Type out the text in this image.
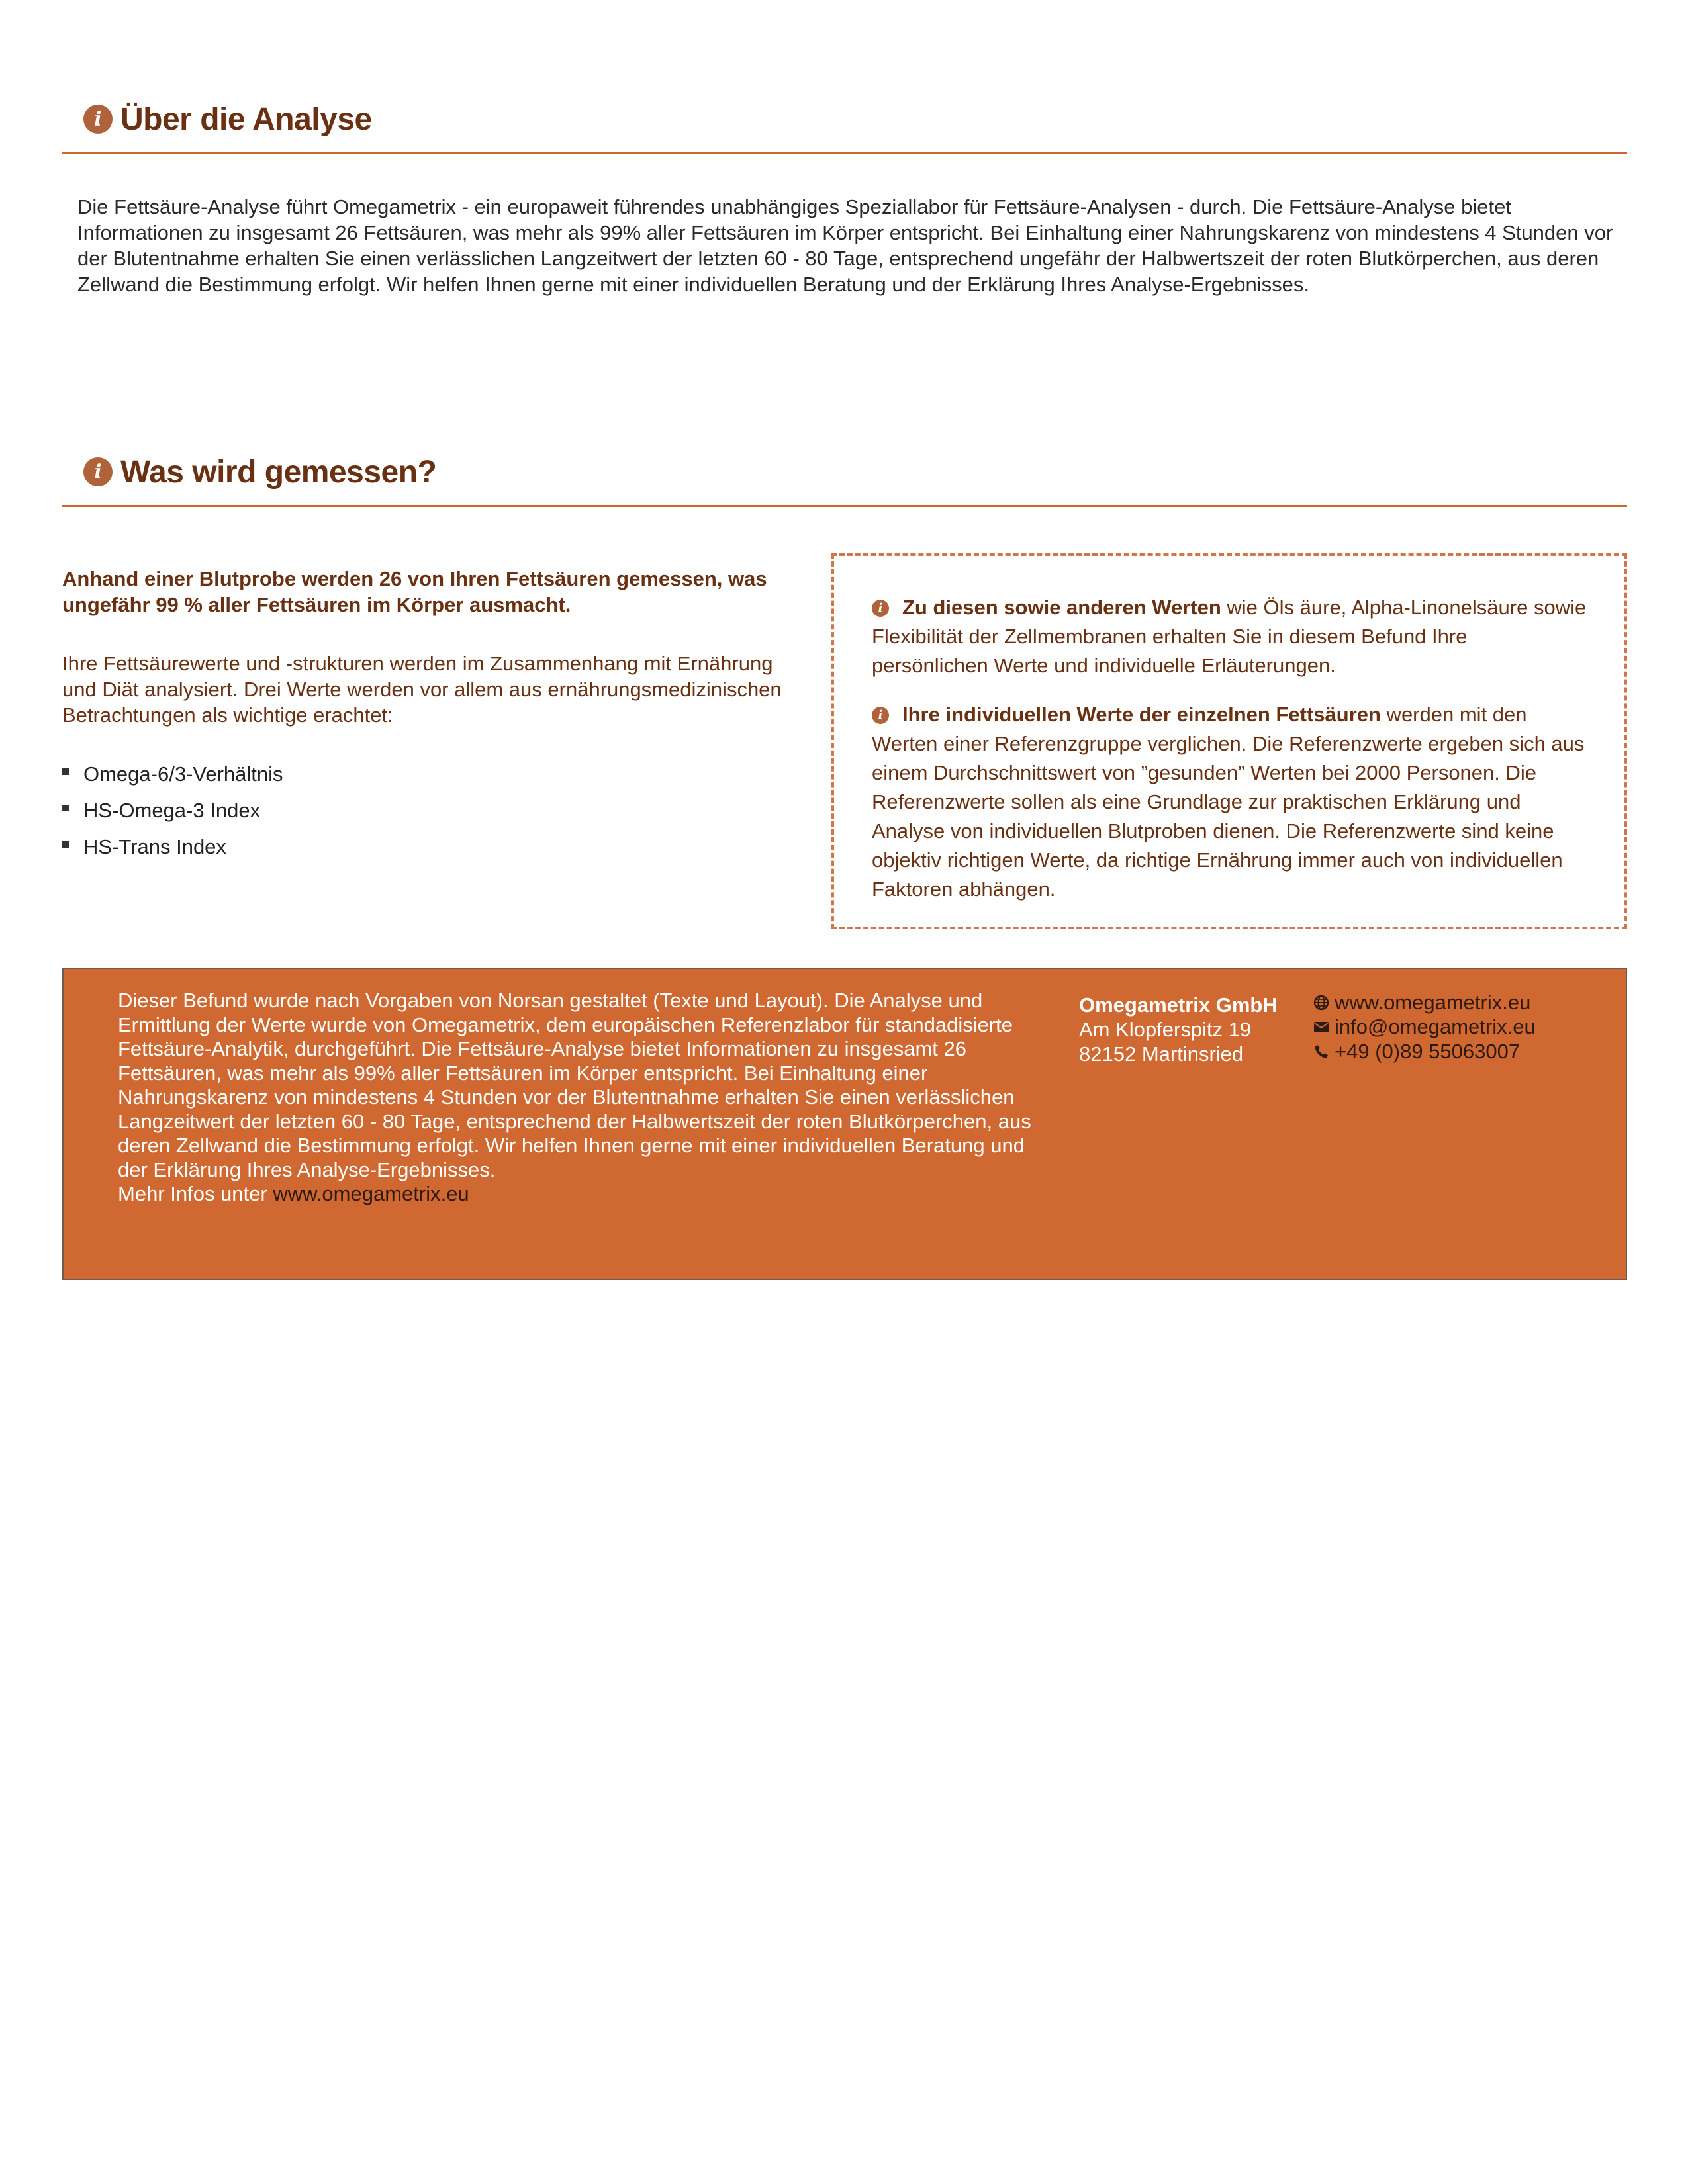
i Über die Analyse
Die Fettsäure-Analyse führt Omegametrix - ein europaweit führendes unabhängiges Speziallabor für Fettsäure-Analysen - durch. Die Fettsäure-Analyse bietet Informationen zu insgesamt 26 Fettsäuren, was mehr als 99% aller Fettsäuren im Körper entspricht. Bei Einhaltung einer Nahrungskarenz von mindestens 4 Stunden vor der Blutentnahme erhalten Sie einen verlässlichen Langzeitwert der letzten 60 - 80 Tage, entsprechend ungefähr der Halbwertszeit der roten Blutkörperchen, aus deren Zellwand die Bestimmung erfolgt. Wir helfen Ihnen gerne mit einer individuellen Beratung und der Erklärung Ihres Analyse-Ergebnisses.
i Was wird gemessen?

Anhand einer Blutprobe werden 26 von Ihren Fettsäuren gemessen, was ungefähr 99 % aller Fettsäuren im Körper ausmacht.

Ihre Fettsäurewerte und -strukturen werden im Zusammenhang mit Ernährung und Diät analysiert. Drei Werte werden vor allem aus ernährungsmedizinischen Betrachtungen als wichtige erachtet:

Omega-6/3-Verhältnis
HS-Omega-3 Index
HS-Trans Index

i Zu diesen sowie anderen Werten wie Öls äure, Alpha-Linonelsäure sowie Flexibilität der Zellmembranen erhalten Sie in diesem Befund Ihre persönlichen Werte und individuelle Erläuterungen.

i Ihre individuellen Werte der einzelnen Fettsäuren werden mit den Werten einer Referenzgruppe verglichen. Die Referenzwerte ergeben sich aus einem Durchschnittswert von ”gesunden” Werten bei 2000 Personen. Die Referenzwerte sollen als eine Grundlage zur praktischen Erklärung und Analyse von individuellen Blutproben dienen. Die Referenzwerte sind keine objektiv richtigen Werte, da richtige Ernährung immer auch von individuellen Faktoren abhängen.

Dieser Befund wurde nach Vorgaben von Norsan gestaltet (Texte und Layout). Die Analyse und Ermittlung der Werte wurde von Omegametrix, dem europäischen Referenzlabor für standadisierte Fettsäure-Analytik, durchgeführt. Die Fettsäure-Analyse bietet Informationen zu insgesamt 26 Fettsäuren, was mehr als 99% aller Fettsäuren im Körper entspricht. Bei Einhaltung einer Nahrungskarenz von mindestens 4 Stunden vor der Blutentnahme erhalten Sie einen verlässlichen Langzeitwert der letzten 60 - 80 Tage, entsprechend der Halbwertszeit der roten Blutkörperchen, aus deren Zellwand die Bestimmung erfolgt. Wir helfen Ihnen gerne mit einer individuellen Beratung und der Erklärung Ihres Analyse-Ergebnisses.
Mehr Infos unter www.omegametrix.eu
Omegametrix GmbH
Am Klopferspitz 19
82152 Martinsried
www.omegametrix.eu
info@omegametrix.eu
+49 (0)89 55063007
